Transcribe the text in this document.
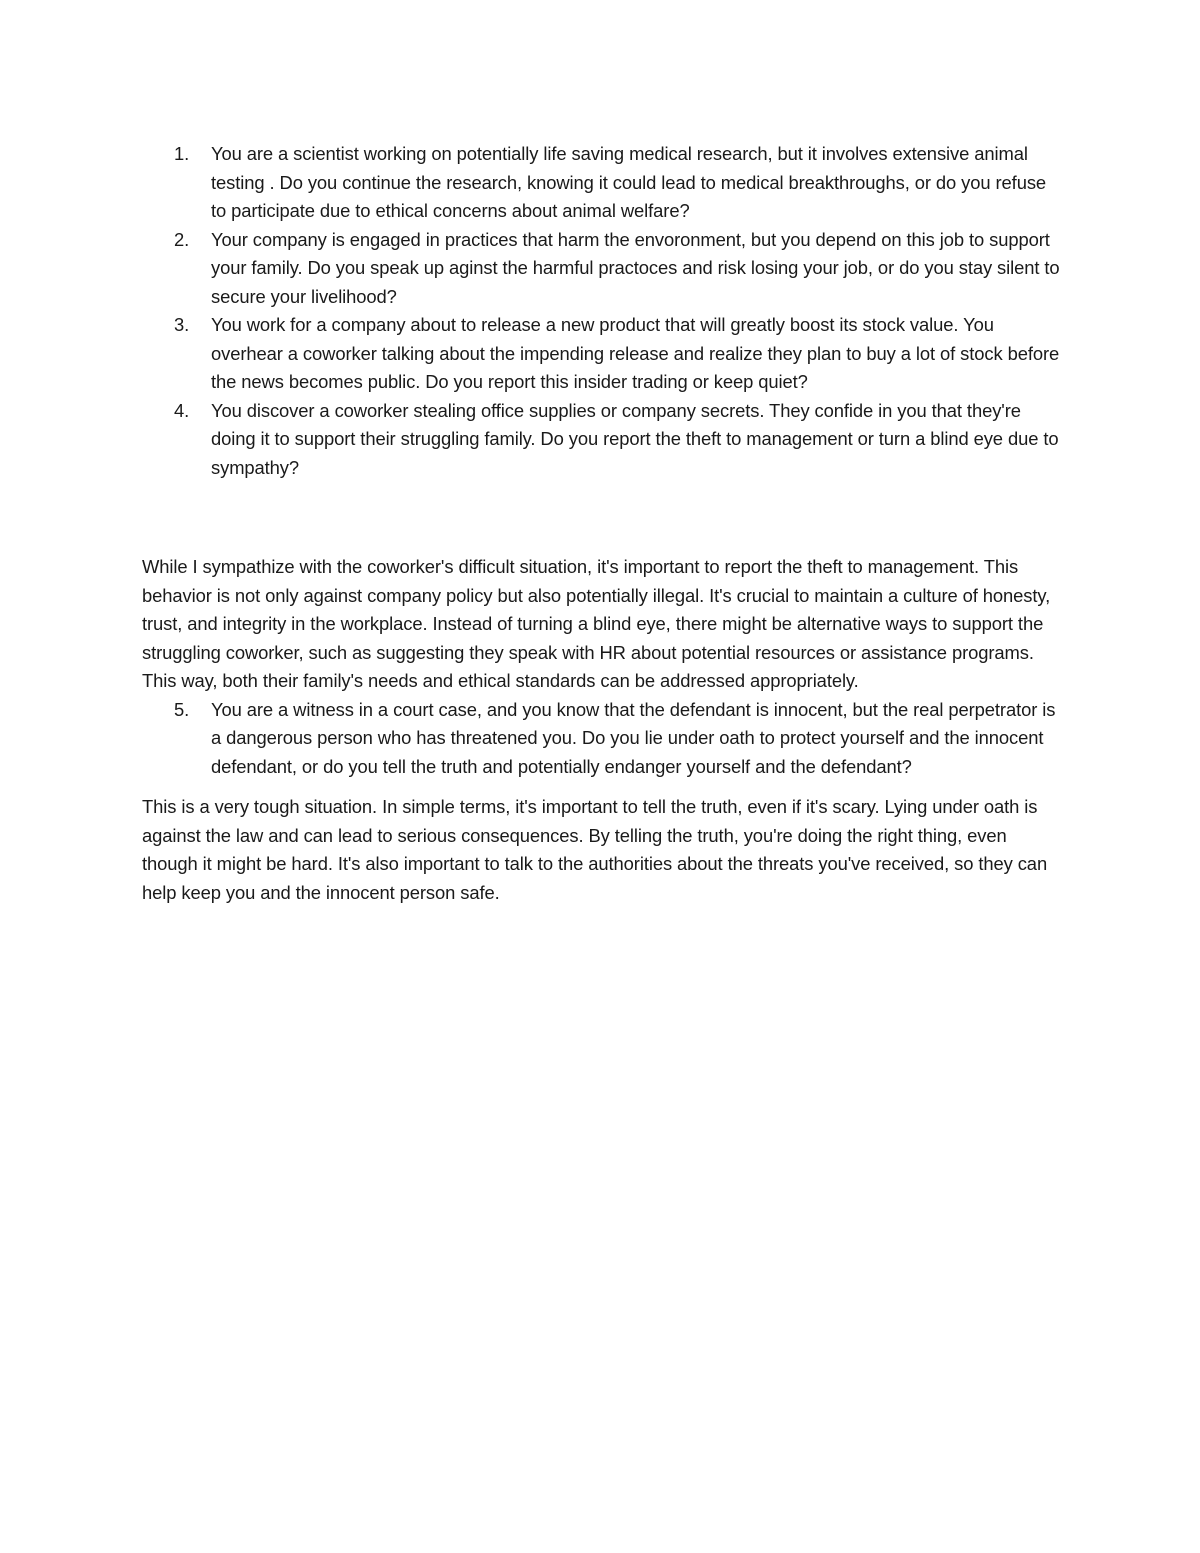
1. You are a scientist working on potentially life saving medical research, but it involves extensive animal testing . Do you continue the research, knowing it could lead to medical breakthroughs, or do you refuse to participate due to ethical concerns about animal welfare?
2. Your company is engaged in practices that harm the envoronment, but you depend on this job to support your family. Do you speak up aginst the harmful practoces and risk losing your job, or do you stay silent to secure your livelihood?
3. You work for a company about to release a new product that will greatly boost its stock value. You overhear a coworker talking about the impending release and realize they plan to buy a lot of stock before the news becomes public. Do you report this insider trading or keep quiet?
4. You discover a coworker stealing office supplies or company secrets. They confide in you that they're doing it to support their struggling family. Do you report the theft to management or turn a blind eye due to sympathy?

While I sympathize with the coworker's difficult situation, it's important to report the theft to management. This behavior is not only against company policy but also potentially illegal. It's crucial to maintain a culture of honesty, trust, and integrity in the workplace. Instead of turning a blind eye, there might be alternative ways to support the struggling coworker, such as suggesting they speak with HR about potential resources or assistance programs. This way, both their family's needs and ethical standards can be addressed appropriately.

5. You are a witness in a court case, and you know that the defendant is innocent, but the real perpetrator is a dangerous person who has threatened you. Do you lie under oath to protect yourself and the innocent defendant, or do you tell the truth and potentially endanger yourself and the defendant?

This is a very tough situation. In simple terms, it's important to tell the truth, even if it's scary. Lying under oath is against the law and can lead to serious consequences. By telling the truth, you're doing the right thing, even though it might be hard. It's also important to talk to the authorities about the threats you've received, so they can help keep you and the innocent person safe.
